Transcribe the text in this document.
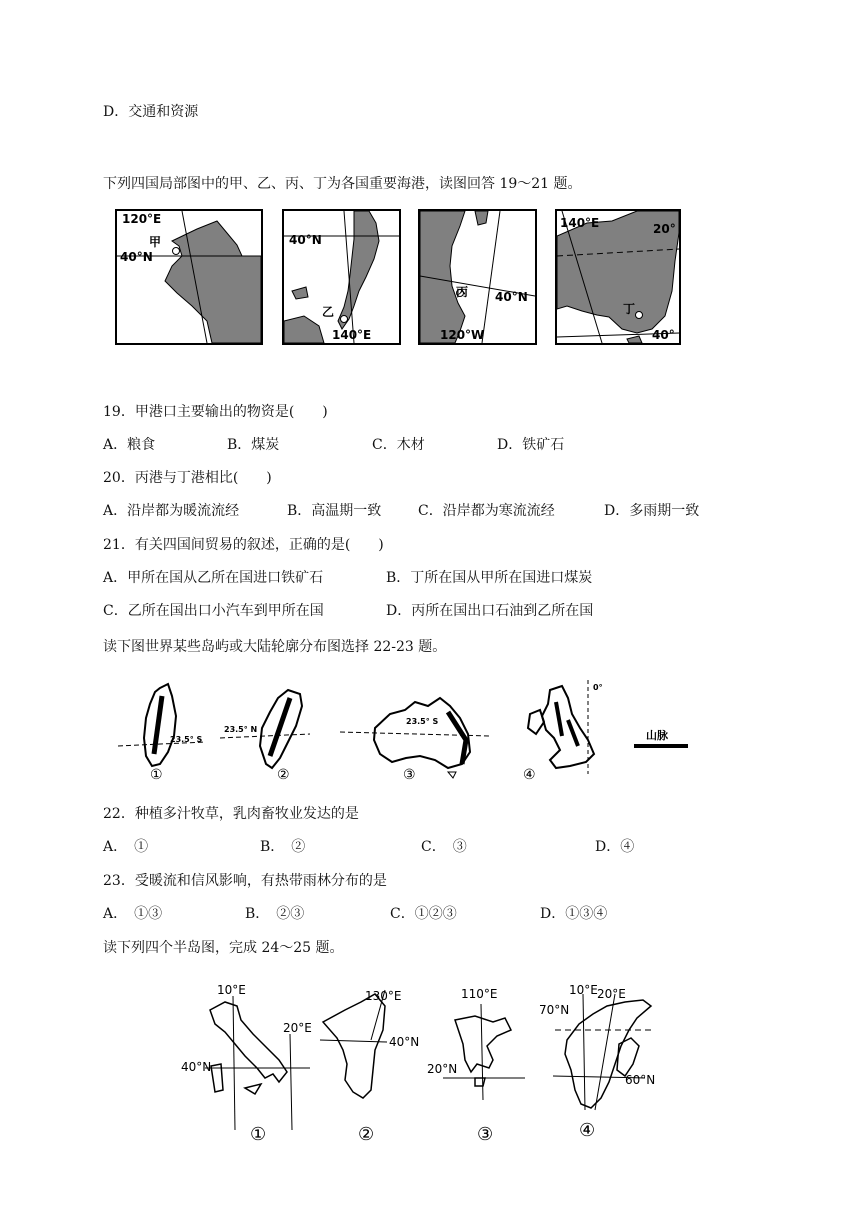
D．交通和资源
下列四国局部图中的甲、乙、丙、丁为各国重要海港，读图回答 19～21 题。
120°E
甲
40°N
40°N
乙
140°E
丙 40°N
120°W
140°E	20°
丁
40°
19．甲港口主要输出的物资是(　　)
A．粮食	B．煤炭	C．木材	D．铁矿石
20．丙港与丁港相比(　　)
A．沿岸都为暖流流经	B．高温期一致	C．沿岸都为寒流流经	D．多雨期一致
21．有关四国间贸易的叙述，正确的是(　　)
A．甲所在国从乙所在国进口铁矿石	B．丁所在国从甲所在国进口煤炭
C．乙所在国出口小汽车到甲所在国	D．丙所在国出口石油到乙所在国
读下图世界某些岛屿或大陆轮廓分布图选择 22-23 题。
23.5° S
①
23.5° N
②
23.5° S
③
0°
④
山脉
22．种植多汁牧草，乳肉畜牧业发达的是
A．　①	B．　②	C．　③	D．④
23．受暖流和信风影响，有热带雨林分布的是
A．　①③	B．　②③	C．①②③	D．①③④
读下列四个半岛图，完成 24～25 题。
10°E
20°E
40°N
①
130°E
40°N
②
110°E
20°N
③
10°E 20°E
70°N
60°N
④
